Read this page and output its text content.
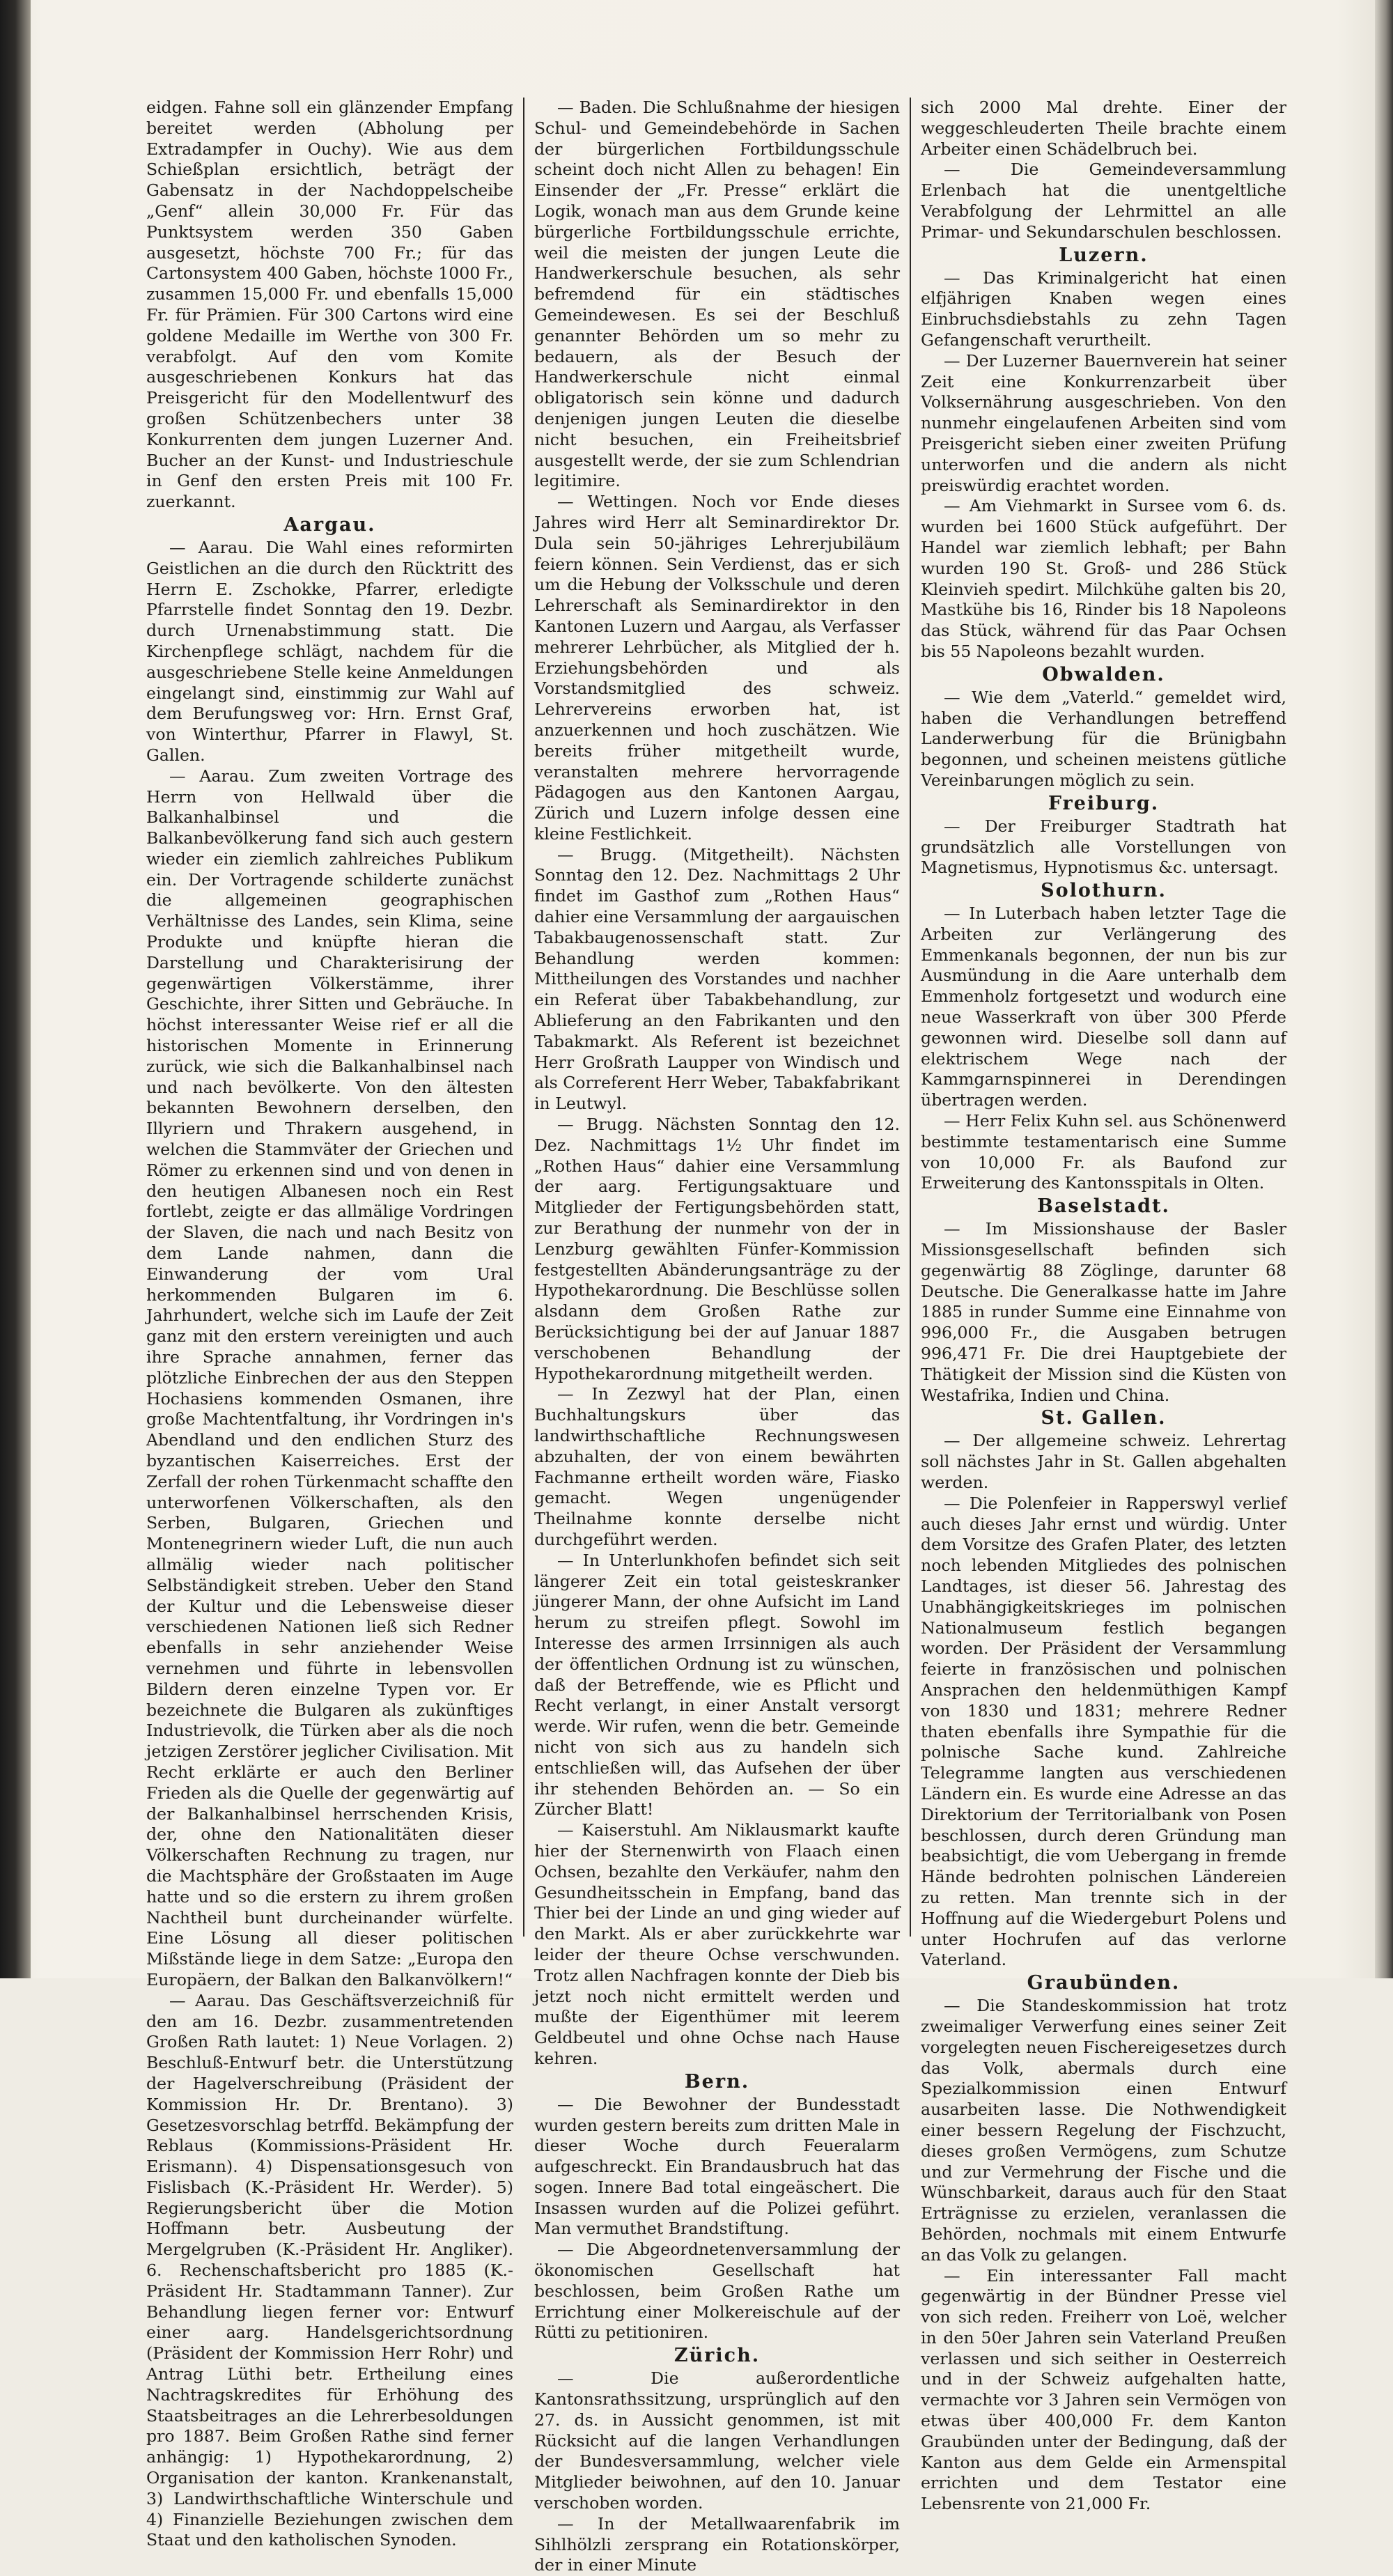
eidgen. Fahne soll ein glänzender Empfang bereitet werden (Abholung per Extradampfer in Ouchy). Wie aus dem Schießplan ersichtlich, beträgt der Gabensatz in der Nachdoppelscheibe „Genf“ allein 30,000 Fr. Für das Punktsystem werden 350 Gaben ausgesetzt, höchste 700 Fr.; für das Cartonsystem 400 Gaben, höchste 1000 Fr., zusammen 15,000 Fr. und ebenfalls 15,000 Fr. für Prämien. Für 300 Cartons wird eine goldene Medaille im Werthe von 300 Fr. verabfolgt. Auf den vom Komite ausgeschriebenen Konkurs hat das Preisgericht für den Modellentwurf des großen Schützenbechers unter 38 Konkurrenten dem jungen Luzerner And. Bucher an der Kunst- und Industrieschule in Genf den ersten Preis mit 100 Fr. zuerkannt.

Aargau.

— Aarau. Die Wahl eines reformirten Geistlichen an die durch den Rücktritt des Herrn E. Zschokke, Pfarrer, erledigte Pfarrstelle findet Sonntag den 19. Dezbr. durch Urnenabstimmung statt. Die Kirchenpflege schlägt, nachdem für die ausgeschriebene Stelle keine Anmeldungen eingelangt sind, einstimmig zur Wahl auf dem Berufungsweg vor: Hrn. Ernst Graf, von Winterthur, Pfarrer in Flawyl, St. Gallen.

— Aarau. Zum zweiten Vortrage des Herrn von Hellwald über die Balkanhalbinsel und die Balkanbevölkerung fand sich auch gestern wieder ein ziemlich zahlreiches Publikum ein. Der Vortragende schilderte zunächst die allgemeinen geographischen Verhältnisse des Landes, sein Klima, seine Produkte und knüpfte hieran die Darstellung und Charakterisirung der gegenwärtigen Völkerstämme, ihrer Geschichte, ihrer Sitten und Gebräuche. In höchst interessanter Weise rief er all die historischen Momente in Erinnerung zurück, wie sich die Balkanhalbinsel nach und nach bevölkerte. Von den ältesten bekannten Bewohnern derselben, den Illyriern und Thrakern ausgehend, in welchen die Stammväter der Griechen und Römer zu erkennen sind und von denen in den heutigen Albanesen noch ein Rest fortlebt, zeigte er das allmälige Vordringen der Slaven, die nach und nach Besitz von dem Lande nahmen, dann die Einwanderung der vom Ural herkommenden Bulgaren im 6. Jahrhundert, welche sich im Laufe der Zeit ganz mit den erstern vereinigten und auch ihre Sprache annahmen, ferner das plötzliche Einbrechen der aus den Steppen Hochasiens kommenden Osmanen, ihre große Machtentfaltung, ihr Vordringen in's Abendland und den endlichen Sturz des byzantischen Kaiserreiches. Erst der Zerfall der rohen Türkenmacht schaffte den unterworfenen Völkerschaften, als den Serben, Bulgaren, Griechen und Montenegrinern wieder Luft, die nun auch allmälig wieder nach politischer Selbständigkeit streben. Ueber den Stand der Kultur und die Lebensweise dieser verschiedenen Nationen ließ sich Redner ebenfalls in sehr anziehender Weise vernehmen und führte in lebensvollen Bildern deren einzelne Typen vor. Er bezeichnete die Bulgaren als zukünftiges Industrievolk, die Türken aber als die noch jetzigen Zerstörer jeglicher Civilisation. Mit Recht erklärte er auch den Berliner Frieden als die Quelle der gegenwärtig auf der Balkanhalbinsel herrschenden Krisis, der, ohne den Nationalitäten dieser Völkerschaften Rechnung zu tragen, nur die Machtsphäre der Großstaaten im Auge hatte und so die erstern zu ihrem großen Nachtheil bunt durcheinander würfelte. Eine Lösung all dieser politischen Mißstände liege in dem Satze: „Europa den Europäern, der Balkan den Balkanvölkern!“

— Aarau. Das Geschäftsverzeichniß für den am 16. Dezbr. zusammentretenden Großen Rath lautet: 1) Neue Vorlagen. 2) Beschluß-Entwurf betr. die Unterstützung der Hagelverschreibung (Präsident der Kommission Hr. Dr. Brentano). 3) Gesetzesvorschlag betrffd. Bekämpfung der Reblaus (Kommissions-Präsident Hr. Erismann). 4) Dispensationsgesuch von Fislisbach (K.-Präsident Hr. Werder). 5) Regierungsbericht über die Motion Hoffmann betr. Ausbeutung der Mergelgruben (K.-Präsident Hr. Angliker). 6. Rechenschaftsbericht pro 1885 (K.-Präsident Hr. Stadtammann Tanner). Zur Behandlung liegen ferner vor: Entwurf einer aarg. Handelsgerichtsordnung (Präsident der Kommission Herr Rohr) und Antrag Lüthi betr. Ertheilung eines Nachtragskredites für Erhöhung des Staatsbeitrages an die Lehrerbesoldungen pro 1887. Beim Großen Rathe sind ferner anhängig: 1) Hypothekarordnung, 2) Organisation der kanton. Krankenanstalt, 3) Landwirthschaftliche Winterschule und 4) Finanzielle Beziehungen zwischen dem Staat und den katholischen Synoden.

— Baden. Die Schlußnahme der hiesigen Schul- und Gemeindebehörde in Sachen der bürgerlichen Fortbildungsschule scheint doch nicht Allen zu behagen! Ein Einsender der „Fr. Presse“ erklärt die Logik, wonach man aus dem Grunde keine bürgerliche Fortbildungsschule errichte, weil die meisten der jungen Leute die Handwerkerschule besuchen, als sehr befremdend für ein städtisches Gemeindewesen. Es sei der Beschluß genannter Behörden um so mehr zu bedauern, als der Besuch der Handwerkerschule nicht einmal obligatorisch sein könne und dadurch denjenigen jungen Leuten die dieselbe nicht besuchen, ein Freiheitsbrief ausgestellt werde, der sie zum Schlendrian legitimire.

— Wettingen. Noch vor Ende dieses Jahres wird Herr alt Seminardirektor Dr. Dula sein 50-jähriges Lehrerjubiläum feiern können. Sein Verdienst, das er sich um die Hebung der Volksschule und deren Lehrerschaft als Seminardirektor in den Kantonen Luzern und Aargau, als Verfasser mehrerer Lehrbücher, als Mitglied der h. Erziehungsbehörden und als Vorstandsmitglied des schweiz. Lehrervereins erworben hat, ist anzuerkennen und hoch zuschätzen. Wie bereits früher mitgetheilt wurde, veranstalten mehrere hervorragende Pädagogen aus den Kantonen Aargau, Zürich und Luzern infolge dessen eine kleine Festlichkeit.

— Brugg. (Mitgetheilt). Nächsten Sonntag den 12. Dez. Nachmittags 2 Uhr findet im Gasthof zum „Rothen Haus“ dahier eine Versammlung der aargauischen Tabakbaugenossenschaft statt. Zur Behandlung werden kommen: Mittheilungen des Vorstandes und nachher ein Referat über Tabakbehandlung, zur Ablieferung an den Fabrikanten und den Tabakmarkt. Als Referent ist bezeichnet Herr Großrath Laupper von Windisch und als Correferent Herr Weber, Tabakfabrikant in Leutwyl.

— Brugg. Nächsten Sonntag den 12. Dez. Nachmittags 1½ Uhr findet im „Rothen Haus“ dahier eine Versammlung der aarg. Fertigungsaktuare und Mitglieder der Fertigungsbehörden statt, zur Berathung der nunmehr von der in Lenzburg gewählten Fünfer-Kommission festgestellten Abänderungsanträge zu der Hypothekarordnung. Die Beschlüsse sollen alsdann dem Großen Rathe zur Berücksichtigung bei der auf Januar 1887 verschobenen Behandlung der Hypothekarordnung mitgetheilt werden.

— In Zezwyl hat der Plan, einen Buchhaltungskurs über das landwirthschaftliche Rechnungswesen abzuhalten, der von einem bewährten Fachmanne ertheilt worden wäre, Fiasko gemacht. Wegen ungenügender Theilnahme konnte derselbe nicht durchgeführt werden.

— In Unterlunkhofen befindet sich seit längerer Zeit ein total geisteskranker jüngerer Mann, der ohne Aufsicht im Land herum zu streifen pflegt. Sowohl im Interesse des armen Irrsinnigen als auch der öffentlichen Ordnung ist zu wünschen, daß der Betreffende, wie es Pflicht und Recht verlangt, in einer Anstalt versorgt werde. Wir rufen, wenn die betr. Gemeinde nicht von sich aus zu handeln sich entschließen will, das Aufsehen der über ihr stehenden Behörden an. — So ein Zürcher Blatt!

— Kaiserstuhl. Am Niklausmarkt kaufte hier der Sternenwirth von Flaach einen Ochsen, bezahlte den Verkäufer, nahm den Gesundheitsschein in Empfang, band das Thier bei der Linde an und ging wieder auf den Markt. Als er aber zurückkehrte war leider der theure Ochse verschwunden. Trotz allen Nachfragen konnte der Dieb bis jetzt noch nicht ermittelt werden und mußte der Eigenthümer mit leerem Geldbeutel und ohne Ochse nach Hause kehren.

Bern.

— Die Bewohner der Bundesstadt wurden gestern bereits zum dritten Male in dieser Woche durch Feueralarm aufgeschreckt. Ein Brandausbruch hat das sogen. Innere Bad total eingeäschert. Die Insassen wurden auf die Polizei geführt. Man vermuthet Brandstiftung.

— Die Abgeordnetenversammlung der ökonomischen Gesellschaft hat beschlossen, beim Großen Rathe um Errichtung einer Molkereischule auf der Rütti zu petitioniren.

Zürich.

— Die außerordentliche Kantonsrathssitzung, ursprünglich auf den 27. ds. in Aussicht genommen, ist mit Rücksicht auf die langen Verhandlungen der Bundesversammlung, welcher viele Mitglieder beiwohnen, auf den 10. Januar verschoben worden.

— In der Metallwaarenfabrik im Sihlhölzli zersprang ein Rotationskörper, der in einer Minute

sich 2000 Mal drehte. Einer der weggeschleuderten Theile brachte einem Arbeiter einen Schädelbruch bei.

— Die Gemeindeversammlung Erlenbach hat die unentgeltliche Verabfolgung der Lehrmittel an alle Primar- und Sekundarschulen beschlossen.

Luzern.

— Das Kriminalgericht hat einen elfjährigen Knaben wegen eines Einbruchsdiebstahls zu zehn Tagen Gefangenschaft verurtheilt.

— Der Luzerner Bauernverein hat seiner Zeit eine Konkurrenzarbeit über Volksernährung ausgeschrieben. Von den nunmehr eingelaufenen Arbeiten sind vom Preisgericht sieben einer zweiten Prüfung unterworfen und die andern als nicht preiswürdig erachtet worden.

— Am Viehmarkt in Sursee vom 6. ds. wurden bei 1600 Stück aufgeführt. Der Handel war ziemlich lebhaft; per Bahn wurden 190 St. Groß- und 286 Stück Kleinvieh spedirt. Milchkühe galten bis 20, Mastkühe bis 16, Rinder bis 18 Napoleons das Stück, während für das Paar Ochsen bis 55 Napoleons bezahlt wurden.

Obwalden.

— Wie dem „Vaterld.“ gemeldet wird, haben die Verhandlungen betreffend Landerwerbung für die Brünigbahn begonnen, und scheinen meistens gütliche Vereinbarungen möglich zu sein.

Freiburg.

— Der Freiburger Stadtrath hat grundsätzlich alle Vorstellungen von Magnetismus, Hypnotismus &c. untersagt.

Solothurn.

— In Luterbach haben letzter Tage die Arbeiten zur Verlängerung des Emmenkanals begonnen, der nun bis zur Ausmündung in die Aare unterhalb dem Emmenholz fortgesetzt und wodurch eine neue Wasserkraft von über 300 Pferde gewonnen wird. Dieselbe soll dann auf elektrischem Wege nach der Kammgarnspinnerei in Derendingen übertragen werden.

— Herr Felix Kuhn sel. aus Schönenwerd bestimmte testamentarisch eine Summe von 10,000 Fr. als Baufond zur Erweiterung des Kantonsspitals in Olten.

Baselstadt.

— Im Missionshause der Basler Missionsgesellschaft befinden sich gegenwärtig 88 Zöglinge, darunter 68 Deutsche. Die Generalkasse hatte im Jahre 1885 in runder Summe eine Einnahme von 996,000 Fr., die Ausgaben betrugen 996,471 Fr. Die drei Hauptgebiete der Thätigkeit der Mission sind die Küsten von Westafrika, Indien und China.

St. Gallen.

— Der allgemeine schweiz. Lehrertag soll nächstes Jahr in St. Gallen abgehalten werden.

— Die Polenfeier in Rapperswyl verlief auch dieses Jahr ernst und würdig. Unter dem Vorsitze des Grafen Plater, des letzten noch lebenden Mitgliedes des polnischen Landtages, ist dieser 56. Jahrestag des Unabhängigkeitskrieges im polnischen Nationalmuseum festlich begangen worden. Der Präsident der Versammlung feierte in französischen und polnischen Ansprachen den heldenmüthigen Kampf von 1830 und 1831; mehrere Redner thaten ebenfalls ihre Sympathie für die polnische Sache kund. Zahlreiche Telegramme langten aus verschiedenen Ländern ein. Es wurde eine Adresse an das Direktorium der Territorialbank von Posen beschlossen, durch deren Gründung man beabsichtigt, die vom Uebergang in fremde Hände bedrohten polnischen Ländereien zu retten. Man trennte sich in der Hoffnung auf die Wiedergeburt Polens und unter Hochrufen auf das verlorne Vaterland.

Graubünden.

— Die Standeskommission hat trotz zweimaliger Verwerfung eines seiner Zeit vorgelegten neuen Fischereigesetzes durch das Volk, abermals durch eine Spezialkommission einen Entwurf ausarbeiten lasse. Die Nothwendigkeit einer bessern Regelung der Fischzucht, dieses großen Vermögens, zum Schutze und zur Vermehrung der Fische und die Wünschbarkeit, daraus auch für den Staat Erträgnisse zu erzielen, veranlassen die Behörden, nochmals mit einem Entwurfe an das Volk zu gelangen.

— Ein interessanter Fall macht gegenwärtig in der Bündner Presse viel von sich reden. Freiherr von Loë, welcher in den 50er Jahren sein Vaterland Preußen verlassen und sich seither in Oesterreich und in der Schweiz aufgehalten hatte, vermachte vor 3 Jahren sein Vermögen von etwas über 400,000 Fr. dem Kanton Graubünden unter der Bedingung, daß der Kanton aus dem Gelde ein Armenspital errichten und dem Testator eine Lebensrente von 21,000 Fr.
